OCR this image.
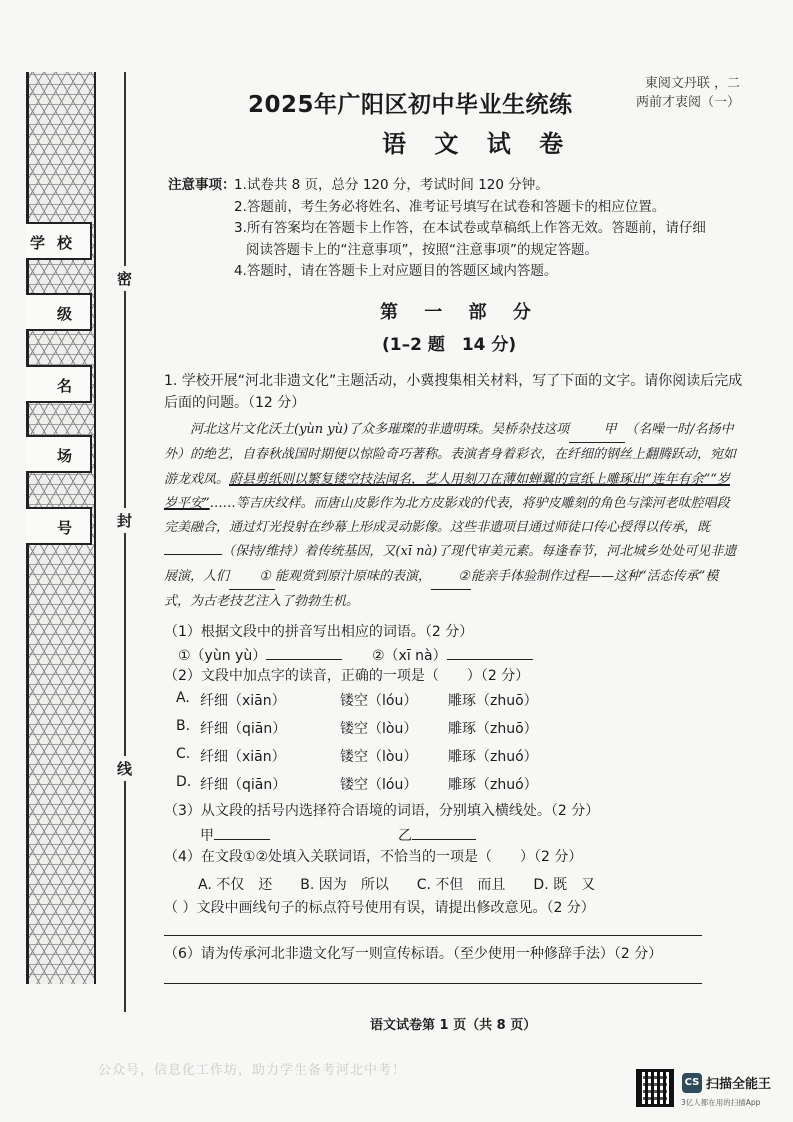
学 校
级
名
场
号
密
封
线
2025年广阳区初中毕业生统练
语 文 试 卷
東阅文丹联 ，二
两前才衷阅（一）
注意事项：

1.试卷共 8 页，总分 120 分，考试时间 120 分钟。

2.答题前，考生务必将姓名、准考证号填写在试卷和答题卡的相应位置。

3.所有答案均在答题卡上作答，在本试卷或草稿纸上作答无效。答题前，请仔细

阅读答题卡上的“注意事项”，按照“注意事项”的规定答题。

4.答题时，请在答题卡上对应题目的答题区域内答题。

第 一 部 分
(1–2 题　14 分)
1. 学校开展“河北非遗文化”主题活动，小冀搜集相关材料，写了下面的文字。请你阅读后完成后面的问题。（12 分）

河北这片文化沃土(yùn yù)了众多璀璨的非遗明珠。吴桥杂技这项	甲 （名噪一时/名扬中外）的绝艺，自春秋战国时期便以惊险奇巧著称。表演者身着彩衣，在纤细的钢丝上翻腾跃动，宛如游龙戏凤。蔚县剪纸则以繁复镂空技法闻名，艺人用刻刀在薄如蝉翼的宣纸上雕琢出“连年有余”“岁岁平安”……等吉庆纹样。而唐山皮影作为北方皮影戏的代表，将驴皮雕刻的角色与滦河老呔腔唱段完美融合，通过灯光投射在纱幕上形成灵动影像。这些非遗项目通过师徒口传心授得以传承，既（保持/维持）着传统基因，又(xī nà)了现代审美元素。每逢春节，河北城乡处处可见非遗展演，人们 ① 能观赏到原汁原味的表演， ②能亲手体验制作过程——这种“活态传承”模式，为古老技艺注入了勃勃生机。

（1）根据文段中的拼音写出相应的词语。（2 分）
①（yùn yù）	②（xī nà）
（2）文段中加点字的读音，正确的一项是（　　）（2 分）
A. 纤细（xiān）	镂空（lóu） 雕琢（zhuō）
B. 纤细（qiān）	镂空（lòu） 雕琢（zhuō）
C. 纤细（xiān）	镂空（lòu） 雕琢（zhuó）
D. 纤细（qiān）	镂空（lóu） 雕琢（zhuó）
（3）从文段的括号内选择符合语境的词语，分别填入横线处。（2 分）
甲	乙
（4）在文段①②处填入关联词语，不恰当的一项是（　　）（2 分）
A. 不仅　还　　B. 因为　所以　　C. 不但　而且　　D. 既　又
（ ）文段中画线句子的标点符号使用有误，请提出修改意见。（2 分）
（6）请为传承河北非遗文化写一则宣传标语。（至少使用一种修辞手法）（2 分）
语文试卷第 1 页（共 8 页）
公众号，信息化工作坊，助力学生备考河北中考！
CS 扫描全能王
3亿人都在用的扫描App
